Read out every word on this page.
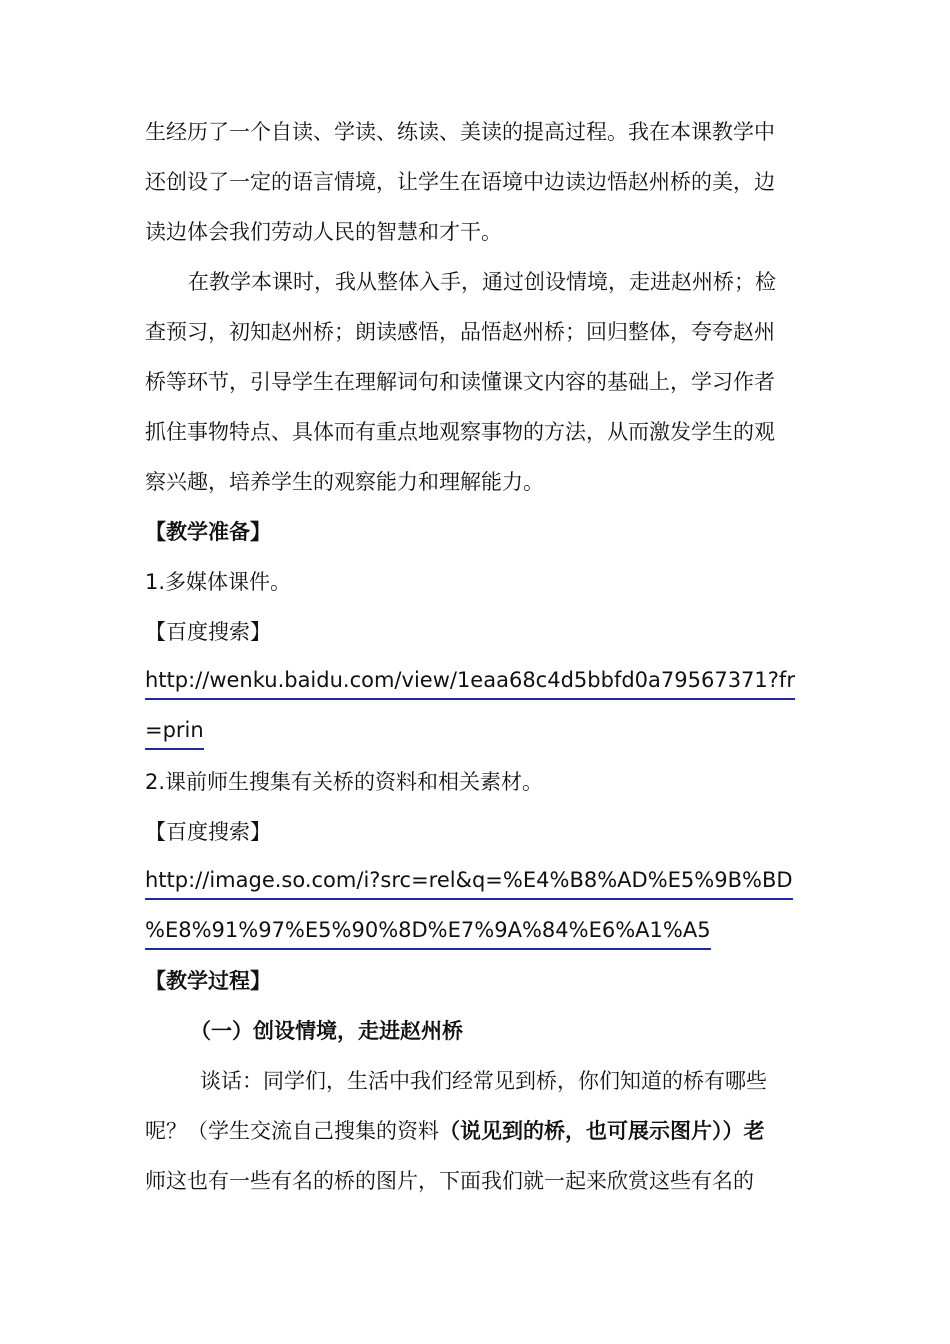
生经历了一个自读、学读、练读、美读的提高过程。我在本课教学中
还创设了一定的语言情境，让学生在语境中边读边悟赵州桥的美，边
读边体会我们劳动人民的智慧和才干。
在教学本课时，我从整体入手，通过创设情境，走进赵州桥；检
查预习，初知赵州桥；朗读感悟，品悟赵州桥；回归整体，夸夸赵州
桥等环节，引导学生在理解词句和读懂课文内容的基础上，学习作者
抓住事物特点、具体而有重点地观察事物的方法，从而激发学生的观
察兴趣，培养学生的观察能力和理解能力。
【教学准备】
1.多媒体课件。
【百度搜索】
http://wenku.baidu.com/view/1eaa68c4d5bbfd0a79567371?fr
=prin
2.课前师生搜集有关桥的资料和相关素材。
【百度搜索】
http://image.so.com/i?src=rel&q=%E4%B8%AD%E5%9B%BD
%E8%91%97%E5%90%8D%E7%9A%84%E6%A1%A5
【教学过程】
（一）创设情境，走进赵州桥
谈话：同学们，生活中我们经常见到桥，你们知道的桥有哪些
呢？（学生交流自己搜集的资料（说见到的桥，也可展示图片））老
师这也有一些有名的桥的图片，下面我们就一起来欣赏这些有名的
